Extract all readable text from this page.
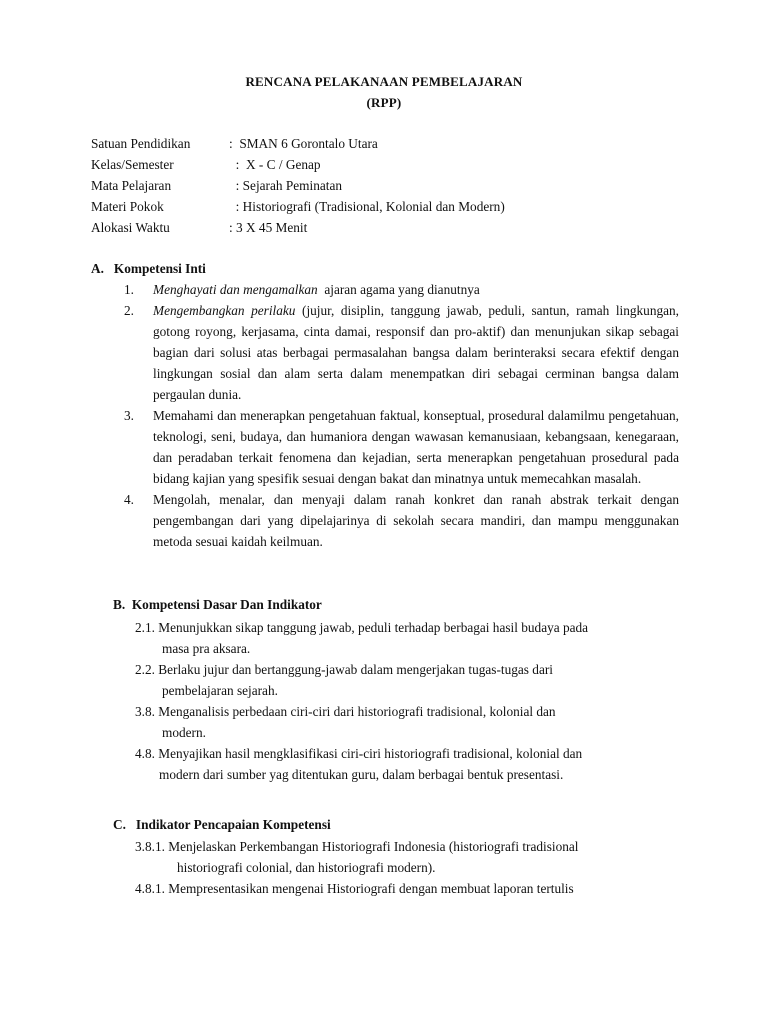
RENCANA PELAKANAAN PEMBELAJARAN
(RPP)
Satuan Pendidikan	:  SMAN 6 Gorontalo Utara
Kelas/Semester	:  X - C / Genap
Mata Pelajaran	: Sejarah Peminatan
Materi Pokok	: Historiografi (Tradisional, Kolonial dan Modern)
Alokasi Waktu	: 3 X 45 Menit
A.   Kompetensi Inti
1. Menghayati dan mengamalkan  ajaran agama yang dianutnya
2. Mengembangkan perilaku (jujur, disiplin, tanggung jawab, peduli, santun, ramah lingkungan, gotong royong, kerjasama, cinta damai, responsif dan pro-aktif) dan menunjukan sikap sebagai bagian dari solusi atas berbagai permasalahan bangsa dalam berinteraksi secara efektif dengan lingkungan sosial dan alam serta dalam menempatkan diri sebagai cerminan bangsa dalam pergaulan dunia.
3. Memahami dan menerapkan pengetahuan faktual, konseptual, prosedural dalamilmu pengetahuan, teknologi, seni, budaya, dan humaniora dengan wawasan kemanusiaan, kebangsaan, kenegaraan, dan peradaban terkait fenomena dan kejadian, serta menerapkan pengetahuan prosedural pada bidang kajian yang spesifik sesuai dengan bakat dan minatnya untuk memecahkan masalah.
4. Mengolah, menalar, dan menyaji dalam ranah konkret dan ranah abstrak terkait dengan pengembangan dari yang dipelajarinya di sekolah secara mandiri, dan mampu menggunakan metoda sesuai kaidah keilmuan.
B.  Kompetensi Dasar Dan Indikator
2.1. Menunjukkan sikap tanggung jawab, peduli terhadap berbagai hasil budaya pada
masa pra aksara.
2.2. Berlaku jujur dan bertanggung-jawab dalam mengerjakan tugas-tugas dari
pembelajaran sejarah.
3.8. Menganalisis perbedaan ciri-ciri dari historiografi tradisional, kolonial dan
modern.
4.8. Menyajikan hasil mengklasifikasi ciri-ciri historiografi tradisional, kolonial dan
modern dari sumber yag ditentukan guru, dalam berbagai bentuk presentasi.
C.   Indikator Pencapaian Kompetensi
3.8.1. Menjelaskan Perkembangan Historiografi Indonesia (historiografi tradisional
historiografi colonial, dan historiografi modern).
4.8.1. Mempresentasikan mengenai Historiografi dengan membuat laporan tertulis
